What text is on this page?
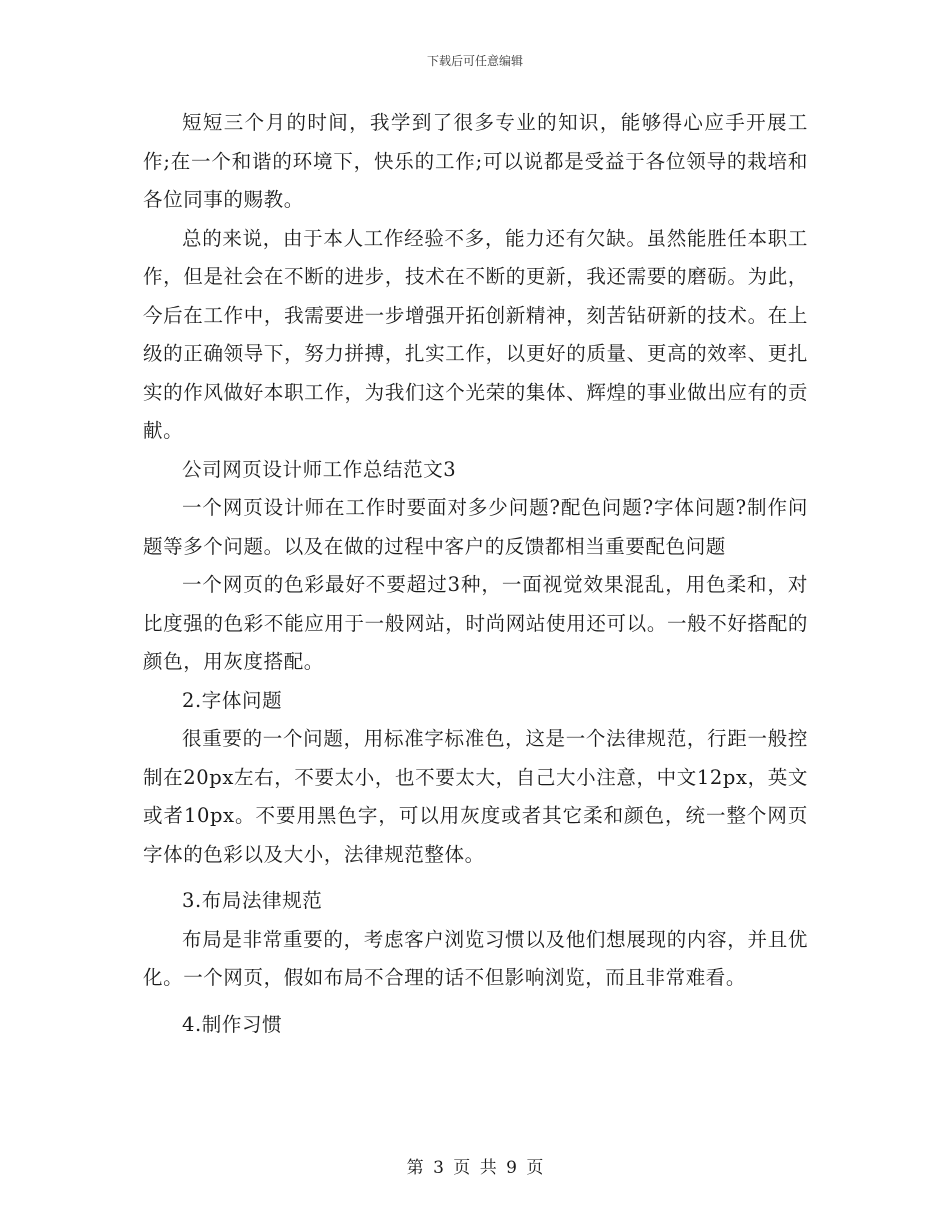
下载后可任意编辑

短短三个月的时间，我学到了很多专业的知识，能够得心应手开展工作;在一个和谐的环境下，快乐的工作;可以说都是受益于各位领导的栽培和各位同事的赐教。

总的来说，由于本人工作经验不多，能力还有欠缺。虽然能胜任本职工作，但是社会在不断的进步，技术在不断的更新，我还需要的磨砺。为此，今后在工作中，我需要进一步增强开拓创新精神，刻苦钻研新的技术。在上级的正确领导下，努力拼搏，扎实工作，以更好的质量、更高的效率、更扎实的作风做好本职工作，为我们这个光荣的集体、辉煌的事业做出应有的贡献。

公司网页设计师工作总结范文3

一个网页设计师在工作时要面对多少问题?配色问题?字体问题?制作问题等多个问题。以及在做的过程中客户的反馈都相当重要配色问题

一个网页的色彩最好不要超过3种，一面视觉效果混乱，用色柔和，对比度强的色彩不能应用于一般网站，时尚网站使用还可以。一般不好搭配的颜色，用灰度搭配。

2.字体问题

很重要的一个问题，用标准字标准色，这是一个法律规范，行距一般控制在20px左右，不要太小，也不要太大，自己大小注意，中文12px，英文或者10px。不要用黑色字，可以用灰度或者其它柔和颜色，统一整个网页字体的色彩以及大小，法律规范整体。

3.布局法律规范

布局是非常重要的，考虑客户浏览习惯以及他们想展现的内容，并且优化。一个网页，假如布局不合理的话不但影响浏览，而且非常难看。

4.制作习惯

第 3 页 共 9 页
